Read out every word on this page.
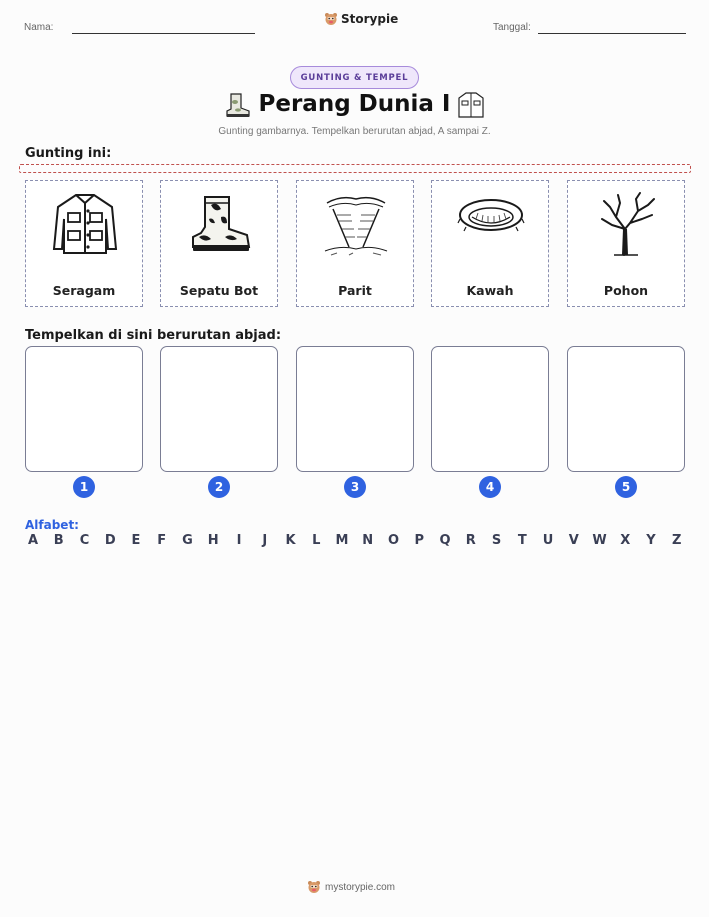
Nama:
Storypie
Tanggal:
GUNTING & TEMPEL
Perang Dunia I
Gunting gambarnya. Tempelkan berurutan abjad, A sampai Z.
Gunting ini:
Seragam	Sepatu Bot	Parit	Kawah	Pohon
Tempelkan di sini berurutan abjad:
1	2	3	4	5
Alfabet:
A B C D E F G H	I	J	K L M N O P Q R S T U V W X Y Z
mystorypie.com
